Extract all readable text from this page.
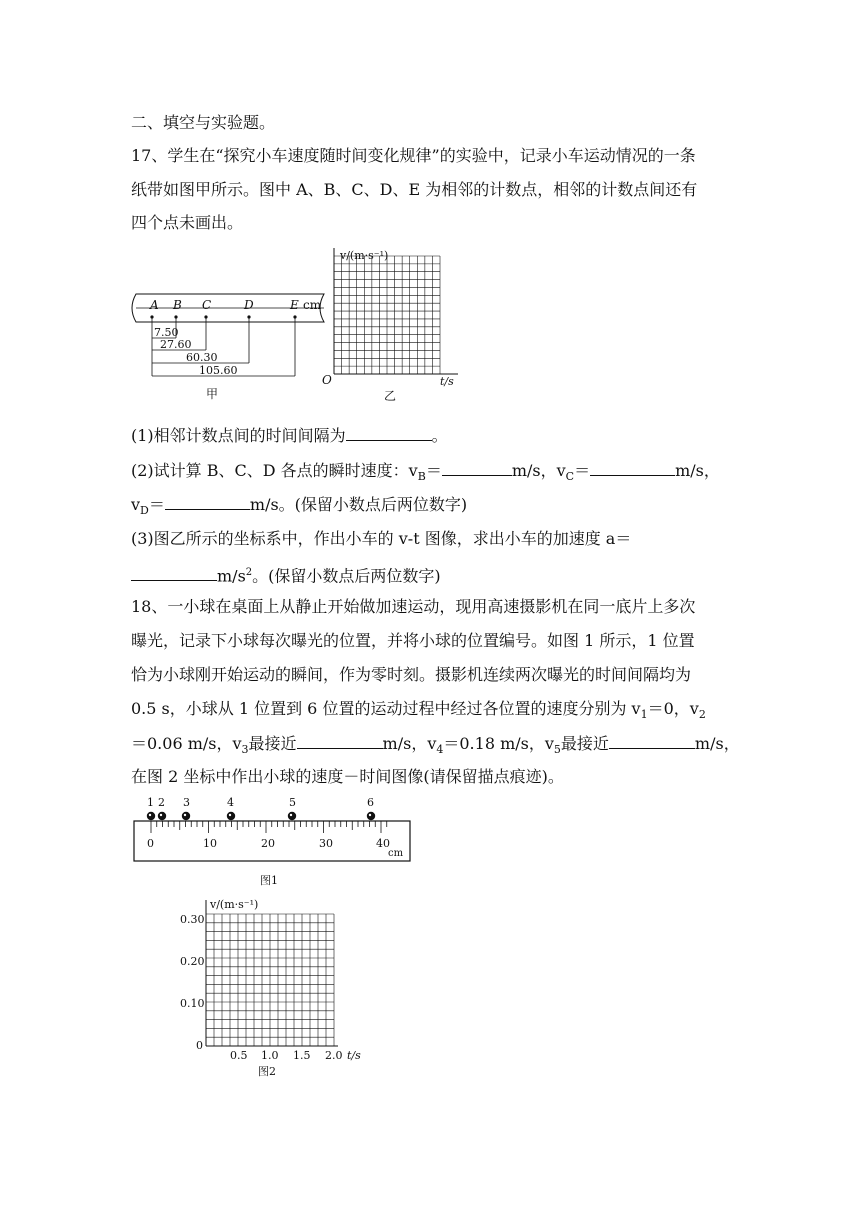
二、填空与实验题。
17、学生在“探究小车速度随时间变化规律”的实验中，记录小车运动情况的一条
纸带如图甲所示。图中 A、B、C、D、E 为相邻的计数点，相邻的计数点间还有
四个点未画出。
A B C	D	E cm
7.50
27.60
60.30
105.60
甲
v/(m·s⁻¹)
O	t/s
乙
(1)相邻计数点间的时间间隔为	。
(2)试计算 B、C、D 各点的瞬时速度：$v_B=$	m/s，$v_C=$	m/s，
$v_D=$	m/s。(保留小数点后两位数字)
(3)图乙所示的坐标系中，作出小车的 v-t 图像，求出小车的加速度 a＝
$m/s^2$。(保留小数点后两位数字)
18、一小球在桌面上从静止开始做加速运动，现用高速摄影机在同一底片上多次
曝光，记录下小球每次曝光的位置，并将小球的位置编号。如图 1 所示，1 位置
恰为小球刚开始运动的瞬间，作为零时刻。摄影机连续两次曝光的时间间隔均为
0.5 s，小球从 1 位置到 6 位置的运动过程中经过各位置的速度分别为 $v_1=0$，$v_2$
＝0.06 m/s，$v_3$最接近	m/s，$v_4=0.18$ m/s，$v_5$最接近	m/s，
在图 2 坐标中作出小球的速度－时间图像(请保留描点痕迹)。
0	10	20	30	40
cm
1 2 3	4	5	6
图1
v/(m·s⁻¹)
0.30
0.20
0.10
0
0.5 1.0 1.5 2.0 t/s
图2
